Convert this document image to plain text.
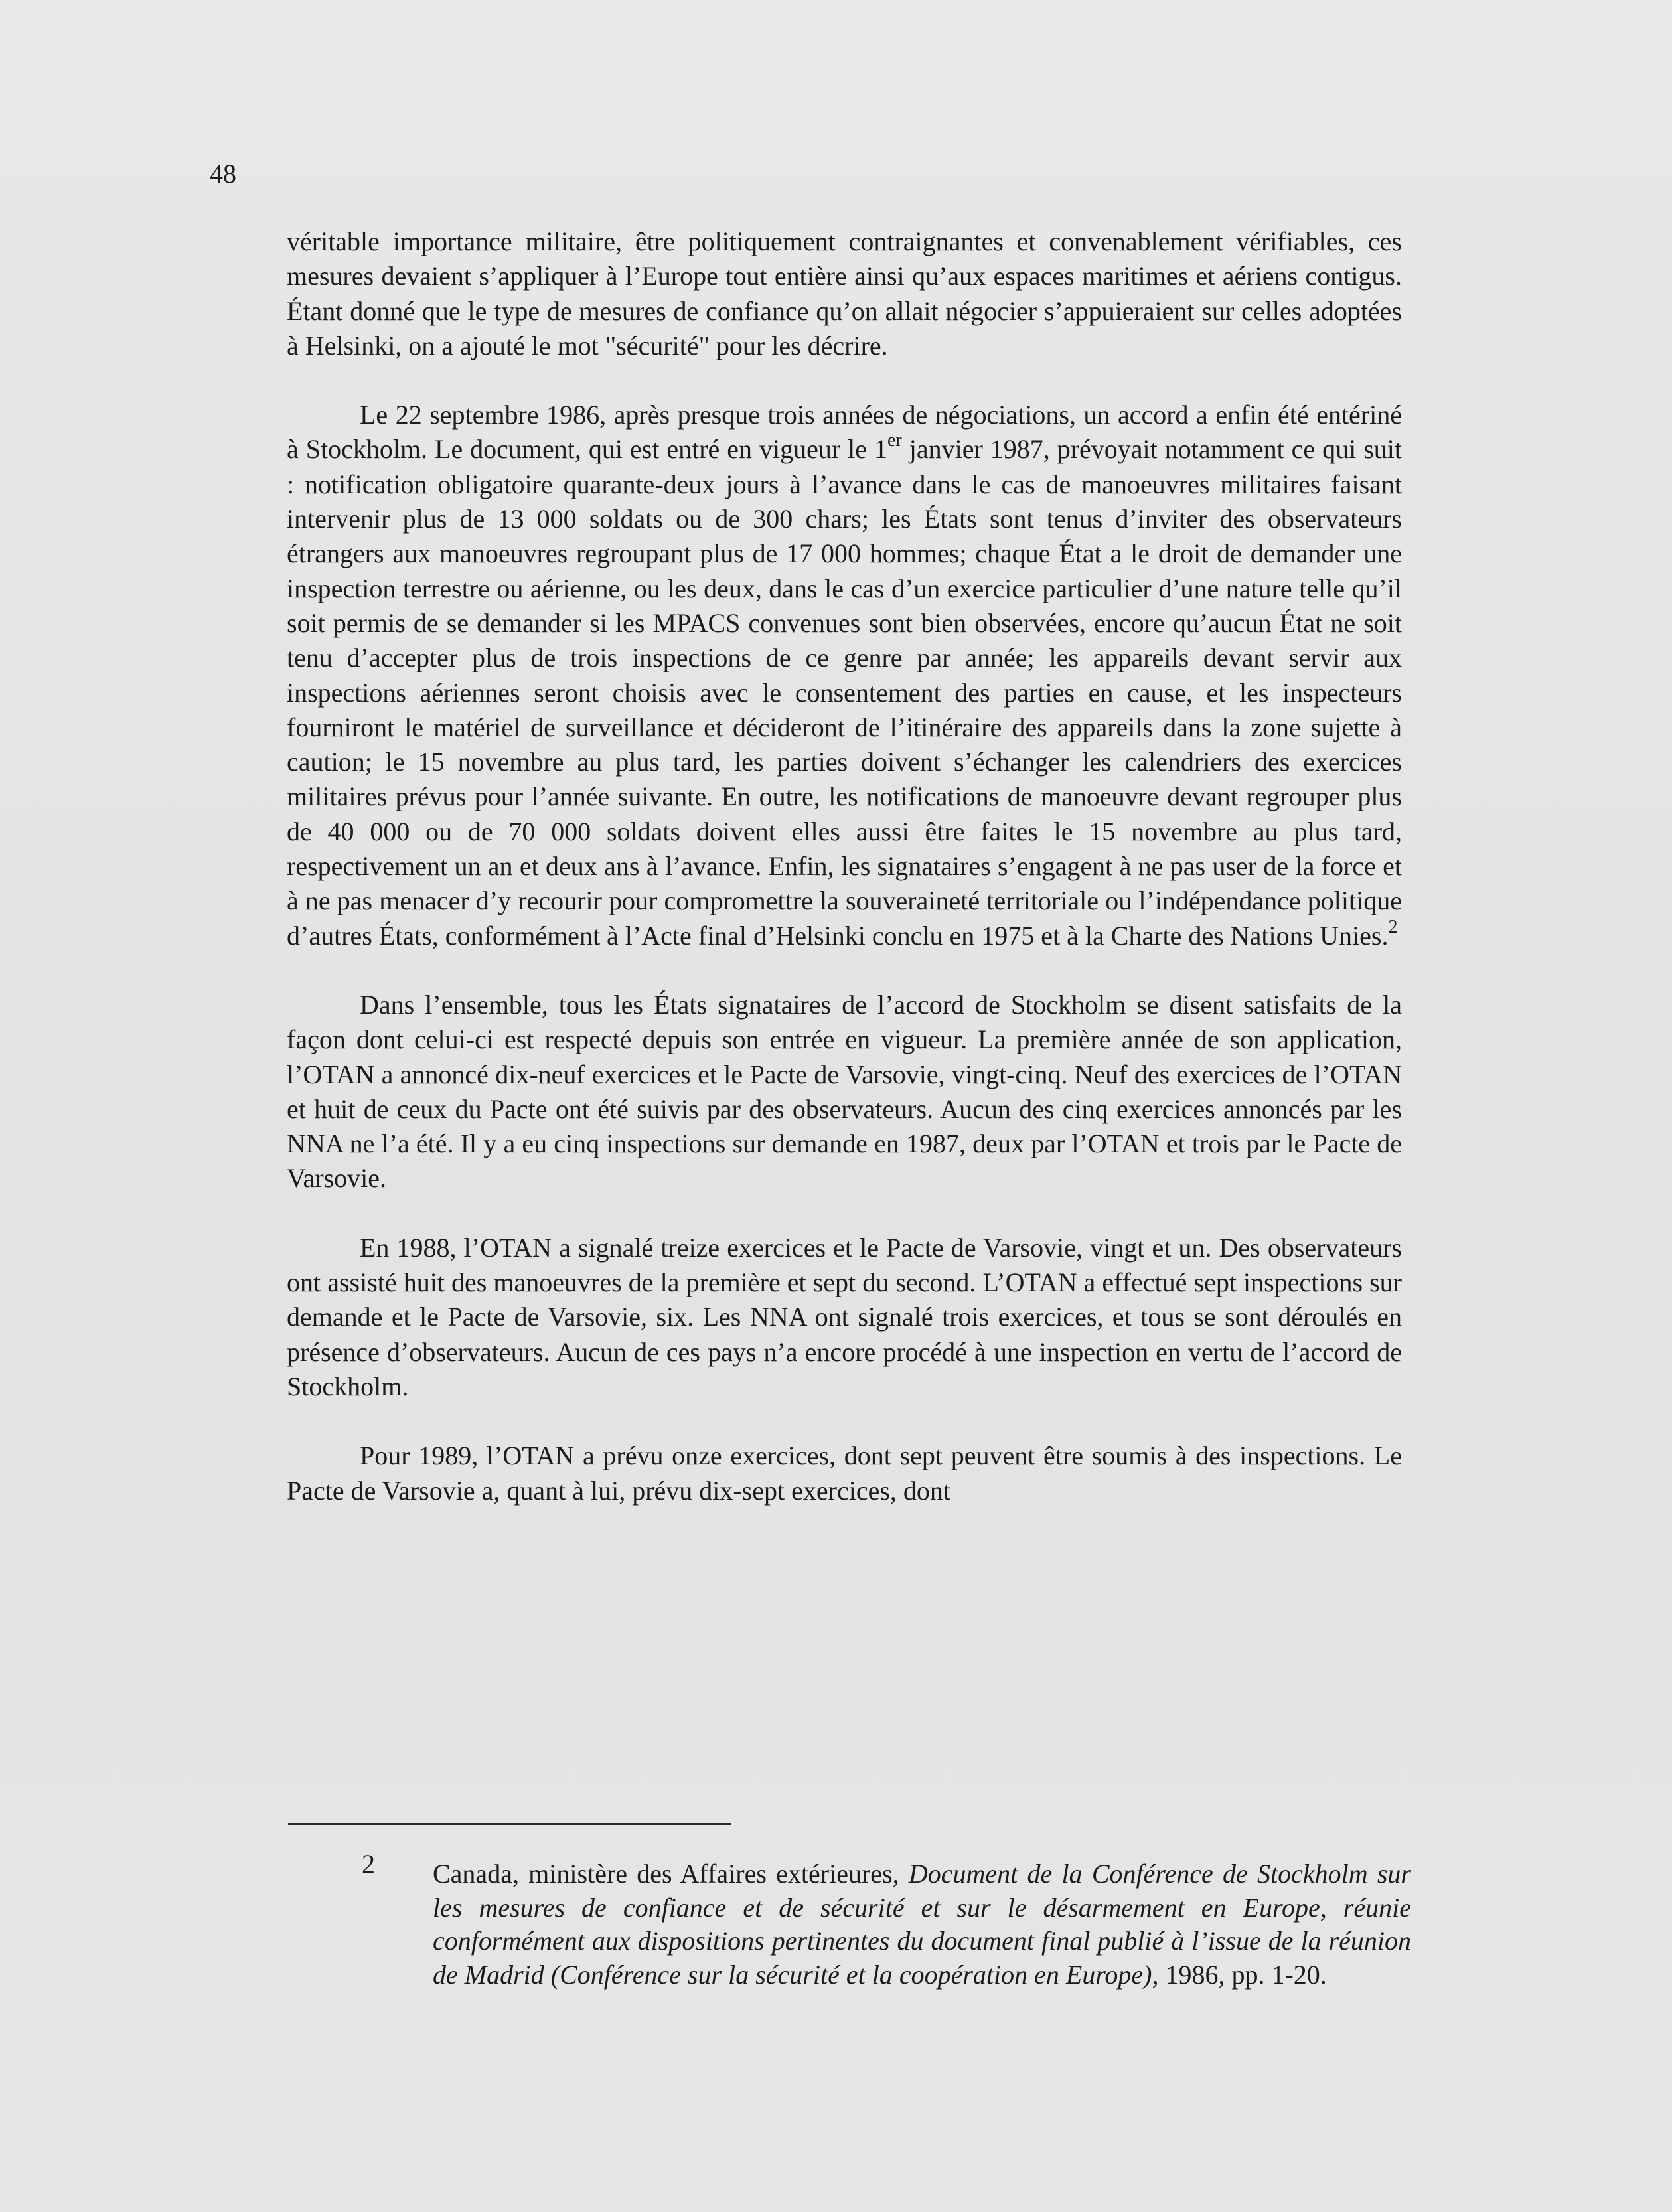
48

véritable importance militaire, être politiquement contraignantes et convenablement vérifiables, ces mesures devaient s’appliquer à l’Europe tout entière ainsi qu’aux espaces maritimes et aériens contigus. Étant donné que le type de mesures de confiance qu’on allait négocier s’appuieraient sur celles adoptées à Helsinki, on a ajouté le mot "sécurité" pour les décrire.

Le 22 septembre 1986, après presque trois années de négociations, un accord a enfin été entériné à Stockholm. Le document, qui est entré en vigueur le 1er janvier 1987, prévoyait notamment ce qui suit : notification obligatoire quarante-deux jours à l’avance dans le cas de manoeuvres militaires faisant intervenir plus de 13 000 soldats ou de 300 chars; les États sont tenus d’inviter des observateurs étrangers aux manoeuvres regroupant plus de 17 000 hommes; chaque État a le droit de demander une inspection terrestre ou aérienne, ou les deux, dans le cas d’un exercice particulier d’une nature telle qu’il soit permis de se demander si les MPACS convenues sont bien observées, encore qu’aucun État ne soit tenu d’accepter plus de trois inspections de ce genre par année; les appareils devant servir aux inspections aériennes seront choisis avec le consentement des parties en cause, et les inspecteurs fourniront le matériel de surveillance et décideront de l’itinéraire des appareils dans la zone sujette à caution; le 15 novembre au plus tard, les parties doivent s’échanger les calendriers des exercices militaires prévus pour l’année suivante. En outre, les notifications de manoeuvre devant regrouper plus de 40 000 ou de 70 000 soldats doivent elles aussi être faites le 15 novembre au plus tard, respectivement un an et deux ans à l’avance. Enfin, les signataires s’engagent à ne pas user de la force et à ne pas menacer d’y recourir pour compromettre la souveraineté territoriale ou l’indépendance politique d’autres États, conformément à l’Acte final d’Helsinki conclu en 1975 et à la Charte des Nations Unies.$^2$

Dans l’ensemble, tous les États signataires de l’accord de Stockholm se disent satisfaits de la façon dont celui-ci est respecté depuis son entrée en vigueur. La première année de son application, l’OTAN a annoncé dix-neuf exercices et le Pacte de Varsovie, vingt-cinq. Neuf des exercices de l’OTAN et huit de ceux du Pacte ont été suivis par des observateurs. Aucun des cinq exercices annoncés par les NNA ne l’a été. Il y a eu cinq inspections sur demande en 1987, deux par l’OTAN et trois par le Pacte de Varsovie.

En 1988, l’OTAN a signalé treize exercices et le Pacte de Varsovie, vingt et un. Des observateurs ont assisté huit des manoeuvres de la première et sept du second. L’OTAN a effectué sept inspections sur demande et le Pacte de Varsovie, six. Les NNA ont signalé trois exercices, et tous se sont déroulés en présence d’observateurs. Aucun de ces pays n’a encore procédé à une inspection en vertu de l’accord de Stockholm.

Pour 1989, l’OTAN a prévu onze exercices, dont sept peuvent être soumis à des inspections. Le Pacte de Varsovie a, quant à lui, prévu dix-sept exercices, dont

2 Canada, ministère des Affaires extérieures, Document de la Conférence de Stockholm sur les mesures de confiance et de sécurité et sur le désarmement en Europe, réunie conformément aux dispositions pertinentes du document final publié à l’issue de la réunion de Madrid (Conférence sur la sécurité et la coopération en Europe), 1986, pp. 1-20.
